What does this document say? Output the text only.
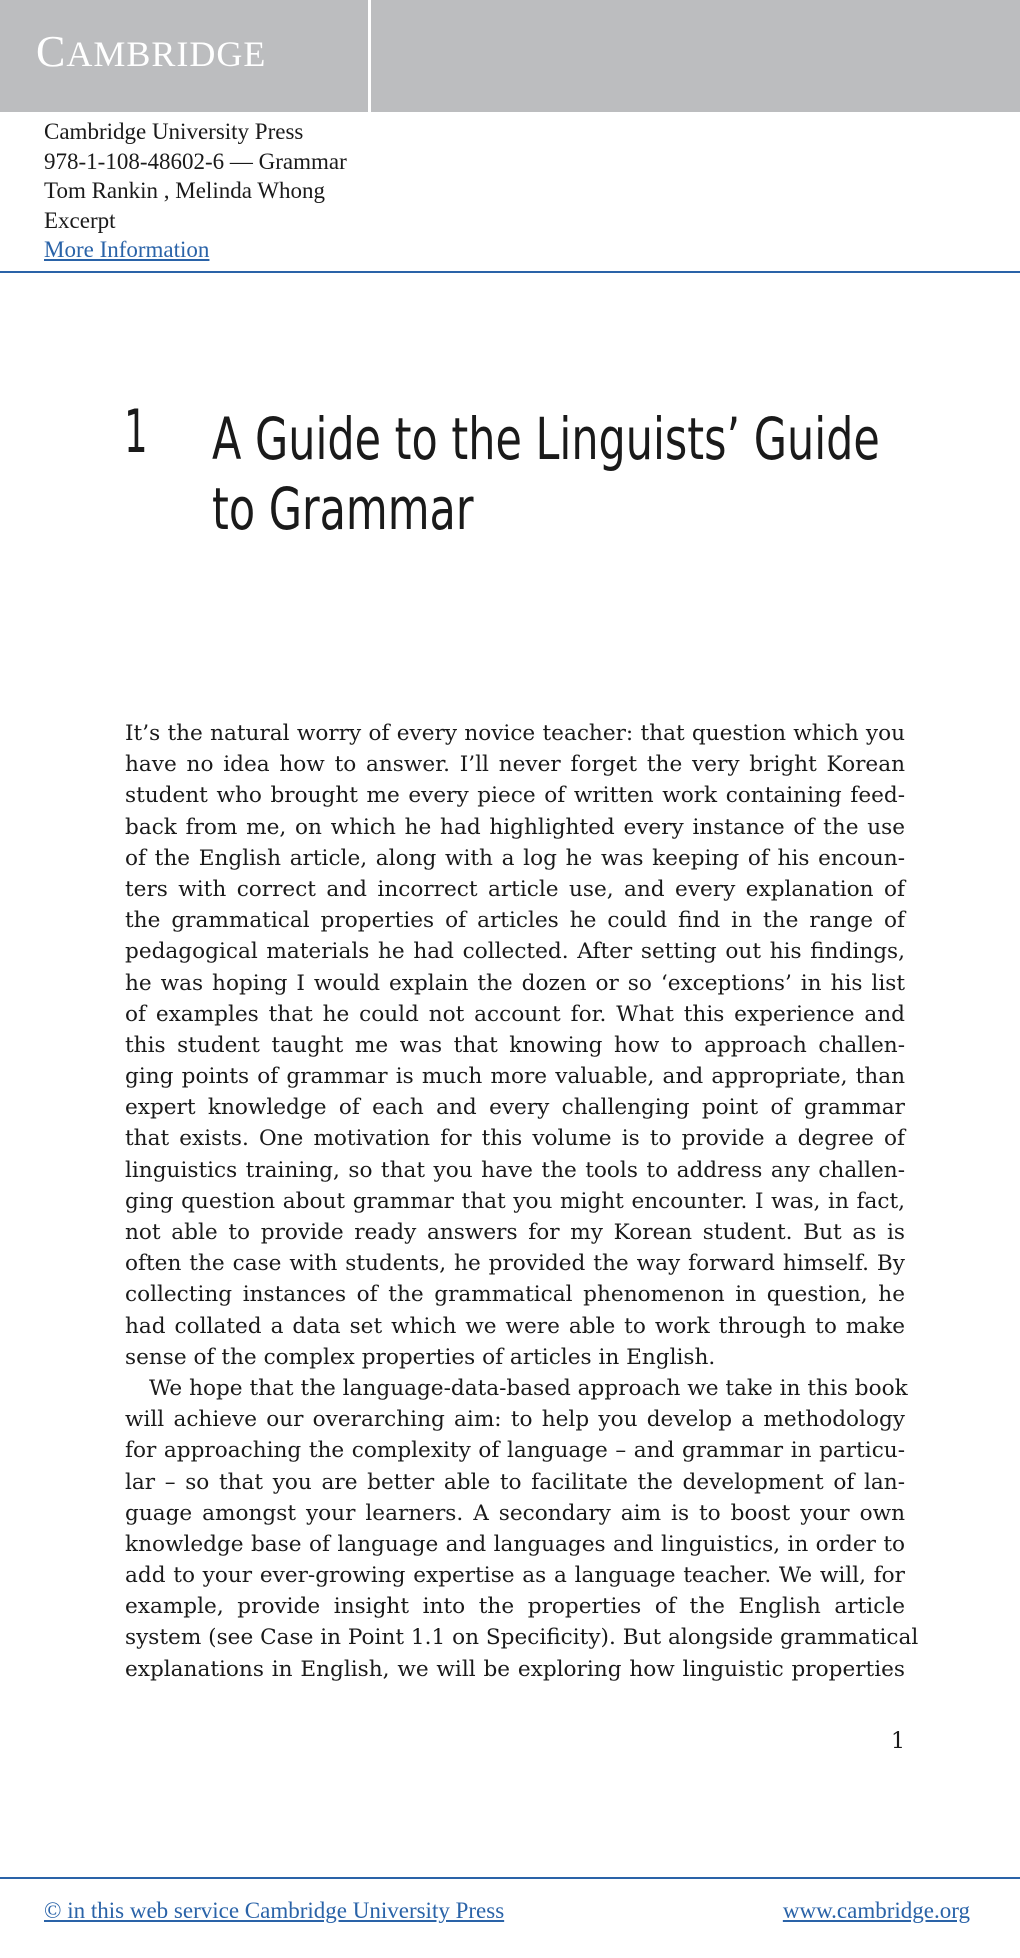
CAMBRIDGE
Cambridge University Press
978-1-108-48602-6 — Grammar
Tom Rankin , Melinda Whong
Excerpt
More Information
1 A Guide to the Linguists’ Guide
to Grammar
It’s the natural worry of every novice teacher: that question which you
have no idea how to answer. I’ll never forget the very bright Korean
student who brought me every piece of written work containing feed-
back from me, on which he had highlighted every instance of the use
of the English article, along with a log he was keeping of his encoun-
ters with correct and incorrect article use, and every explanation of
the grammatical properties of articles he could find in the range of
pedagogical materials he had collected. After setting out his findings,
he was hoping I would explain the dozen or so ‘exceptions’ in his list
of examples that he could not account for. What this experience and
this student taught me was that knowing how to approach challen-
ging points of grammar is much more valuable, and appropriate, than
expert knowledge of each and every challenging point of grammar
that exists. One motivation for this volume is to provide a degree of
linguistics training, so that you have the tools to address any challen-
ging question about grammar that you might encounter. I was, in fact,
not able to provide ready answers for my Korean student. But as is
often the case with students, he provided the way forward himself. By
collecting instances of the grammatical phenomenon in question, he
had collated a data set which we were able to work through to make
sense of the complex properties of articles in English.
We hope that the language-data-based approach we take in this book
will achieve our overarching aim: to help you develop a methodology
for approaching the complexity of language – and grammar in particu-
lar – so that you are better able to facilitate the development of lan-
guage amongst your learners. A secondary aim is to boost your own
knowledge base of language and languages and linguistics, in order to
add to your ever-growing expertise as a language teacher. We will, for
example, provide insight into the properties of the English article
system (see Case in Point 1.1 on Specificity). But alongside grammatical
explanations in English, we will be exploring how linguistic properties
1
© in this web service Cambridge University Press	www.cambridge.org
